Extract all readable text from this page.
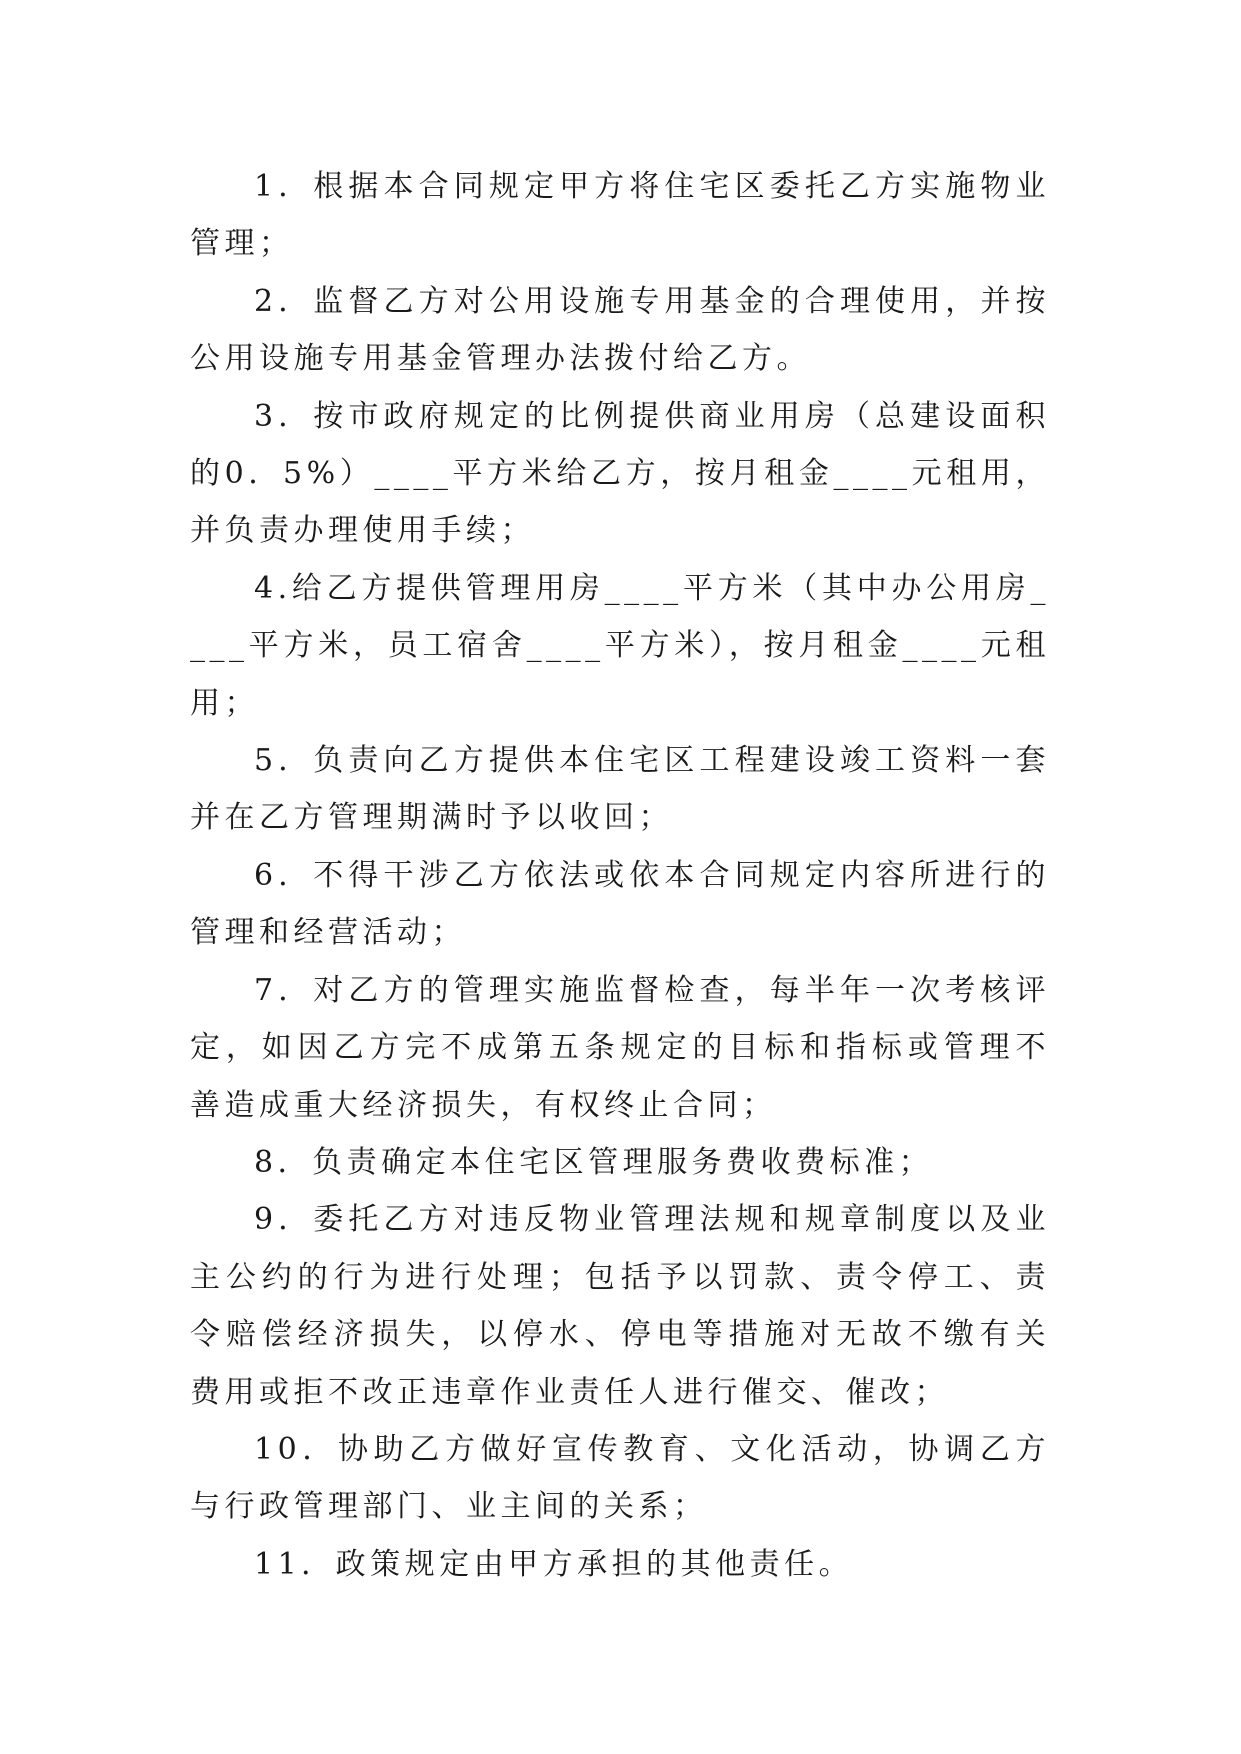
1．根据本合同规定甲方将住宅区委托乙方实施物业管理；

2．监督乙方对公用设施专用基金的合理使用，并按公用设施专用基金管理办法拨付给乙方。

3．按市政府规定的比例提供商业用房（总建设面积的0．5%）____平方米给乙方，按月租金____元租用，并负责办理使用手续；

4.给乙方提供管理用房____平方米（其中办公用房____平方米，员工宿舍____平方米），按月租金____元租用；

5．负责向乙方提供本住宅区工程建设竣工资料一套并在乙方管理期满时予以收回；

6．不得干涉乙方依法或依本合同规定内容所进行的管理和经营活动；

7．对乙方的管理实施监督检查，每半年一次考核评定，如因乙方完不成第五条规定的目标和指标或管理不善造成重大经济损失，有权终止合同；

8．负责确定本住宅区管理服务费收费标准；

9．委托乙方对违反物业管理法规和规章制度以及业主公约的行为进行处理；包括予以罚款、责令停工、责令赔偿经济损失，以停水、停电等措施对无故不缴有关费用或拒不改正违章作业责任人进行催交、催改；

10．协助乙方做好宣传教育、文化活动，协调乙方与行政管理部门、业主间的关系；

11．政策规定由甲方承担的其他责任。
